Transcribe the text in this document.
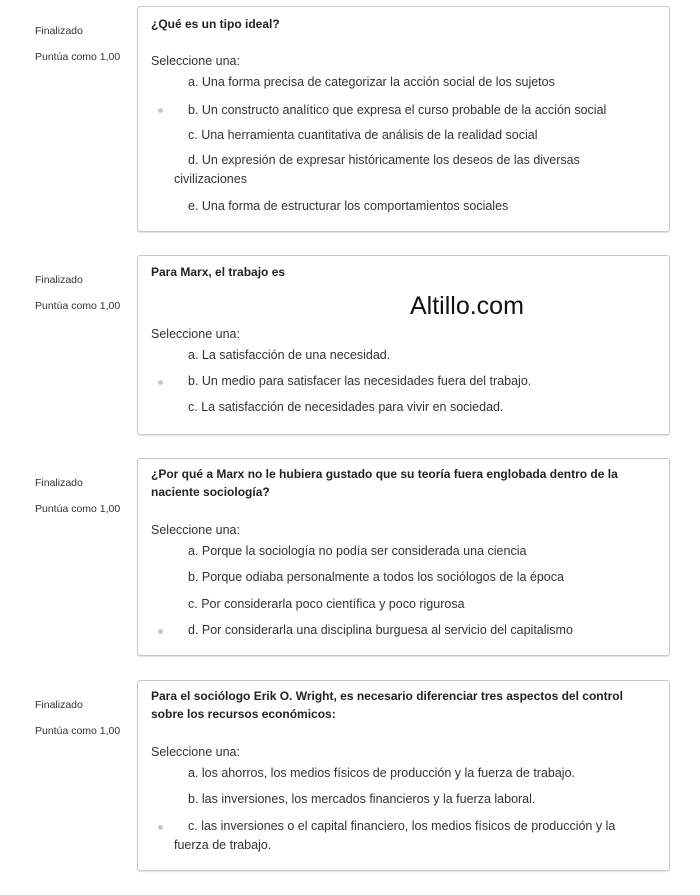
Finalizado
Puntúa como 1,00
¿Qué es un tipo ideal?
Seleccione una:
a. Una forma precisa de categorizar la acción social de los sujetos
b. Un constructo analítico que expresa el curso probable de la acción social
c. Una herramienta cuantitativa de análisis de la realidad social
d. Un expresión de expresar históricamente los deseos de las diversas civilizaciones
e. Una forma de estructurar los comportamientos sociales
Finalizado
Puntúa como 1,00
Para Marx, el trabajo es
Seleccione una:
a. La satisfacción de una necesidad.
b. Un medio para satisfacer las necesidades fuera del trabajo.
c. La satisfacción de necesidades para vivir en sociedad.
Altillo.com
Finalizado
Puntúa como 1,00
¿Por qué a Marx no le hubiera gustado que su teoría fuera englobada dentro de la naciente sociología?
Seleccione una:
a. Porque la sociología no podía ser considerada una ciencia
b. Porque odiaba personalmente a todos los sociólogos de la época
c. Por considerarla poco científica y poco rigurosa
d. Por considerarla una disciplina burguesa al servicio del capitalismo
Finalizado
Puntúa como 1,00
Para el sociólogo Erik O. Wright, es necesario diferenciar tres aspectos del control sobre los recursos económicos:
Seleccione una:
a. los ahorros, los medios físicos de producción y la fuerza de trabajo.
b. las inversiones, los mercados financieros y la fuerza laboral.
c. las inversiones o el capital financiero, los medios físicos de producción y la fuerza de trabajo.
